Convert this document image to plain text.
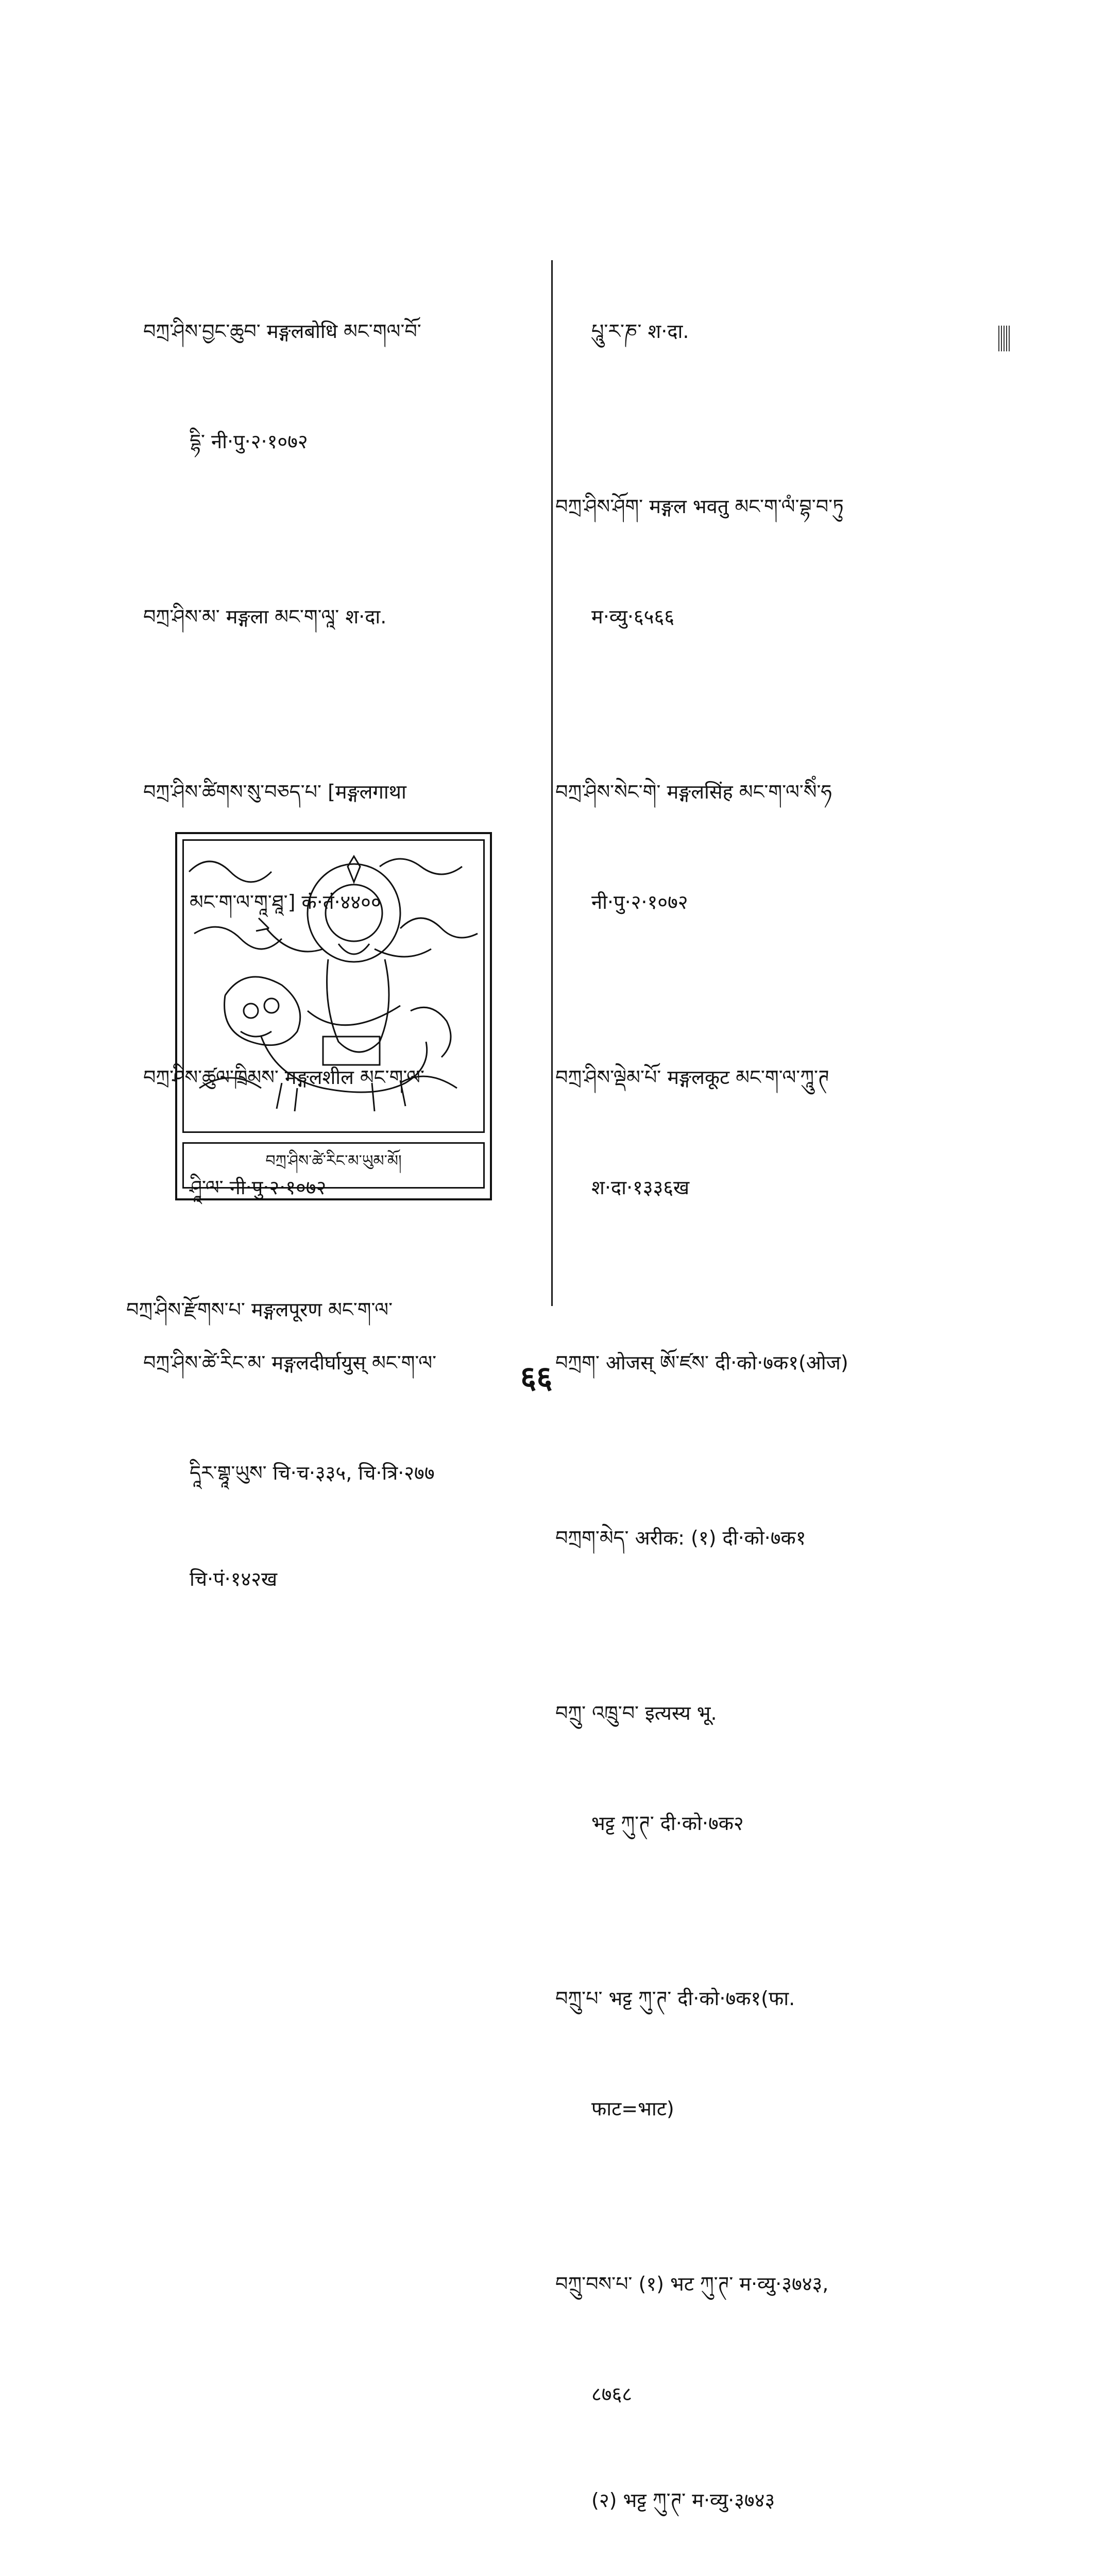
བཀྲ་ཤིས་བྱང་ཆུབ་ मङ्गलबोधि མང་གལ་བོ་

དྷི་ नी·पु·२·१०७२

བཀྲ་ཤིས་མ་ मङ्गला མང་ག་ལཱ་ श·दा.

བཀྲ་ཤིས་ཚིགས་སུ་བཅད་པ་ [मङ्गलगाथा

མང་ག་ལ་གཱ་ཐཱ་] कं·तं·४४००

བཀྲ་ཤིས་ཚུལ་ཁྲིམས་ मङ्गलशील མང་ག་ལ་

ཤཱི་ལ་ नी·पु·२·१०७२

བཀྲ་ཤིས་ཚེ་རིང་མ་ मङ्गलदीर्घायुस् མང་ག་ལ་

དཱིར་གྷཱ་ཡུས་ चि·च·३३५, चि·त्रि·२७७

चि·पं·१४२ख

པཱུ་ར་ཎ་ श·दा.

བཀྲ་ཤིས་ཤོག་ मङ्गल भवतु མང་ག་ལཾ་བྷ་བ་ཏུ

म·व्यु·६५६६

བཀྲ་ཤིས་སེང་གེ་ मङ्गलसिंह མང་ག་ལ་སིཾ་ཧ

नी·पु·२·१०७२

བཀྲ་ཤིས་ལྡེམ་པོ་ मङ्गलकूट མང་ག་ལ་ཀཱུ་ཊ

श·दा·१३३६ख

བཀྲག་ ओजस् ཨོ་ཛས་ दी·को·७क१(ओज)

བཀྲག་མེད་ अरीक: (१) दी·को·७क१

བཀྲུ་ འཁྲུ་བ་ इत्यस्य भू.

भट्ट ཀུ་ཊ་ दी·को·७क२

བཀྲུ་པ་ भट्ट ཀུ་ཊ་ दी·को·७क१(फा.

फाट=भाट)

བཀྲུ་བས་པ་ (१) भट ཀུ་ཊ་ म·व्यु·३७४३,

८७६८

(२) भट्ट ཀུ་ཊ་ म·व्यु·३७४३

བཀྲ་ཤིས་ཚེ་རིང་མ་ཡུམ་མོ།
བཀྲ་ཤིས་རྫོགས་པ་ मङ्गलपूरण མང་ག་ལ་
६६
